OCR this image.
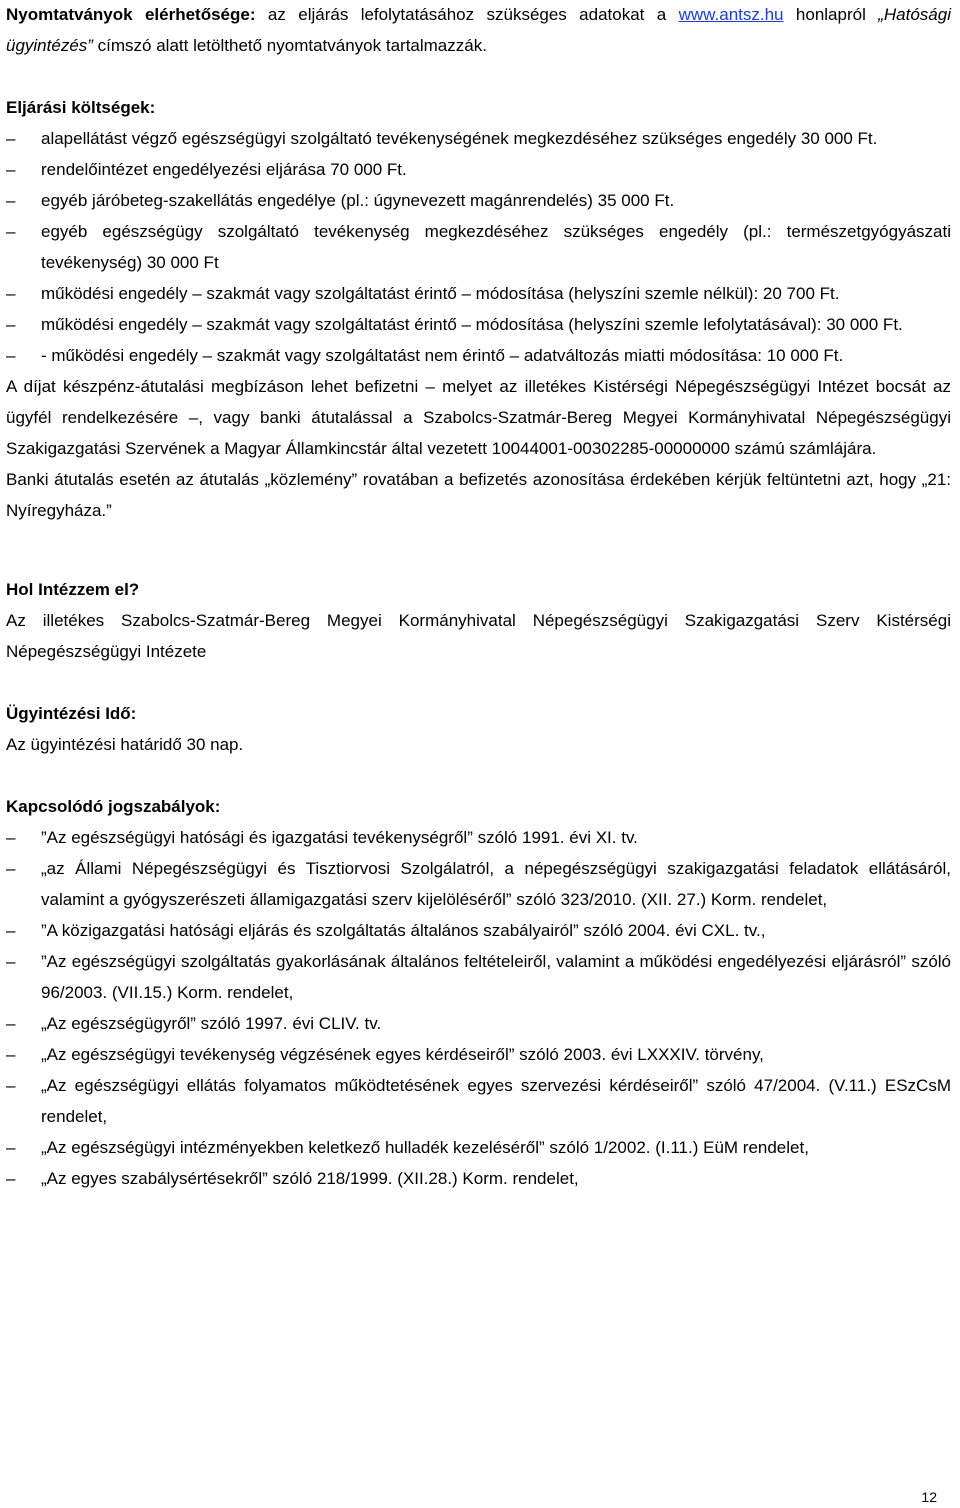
Nyomtatványok elérhetősége: az eljárás lefolytatásához szükséges adatokat a www.antsz.hu honlapról „Hatósági ügyintézés” címszó alatt letölthető nyomtatványok tartalmazzák.

Eljárási költségek:

–
alapellátást végző egészségügyi szolgáltató tevékenységének megkezdéséhez szükséges engedély 30 000 Ft.
–
rendelőintézet engedélyezési eljárása 70 000 Ft.
–
egyéb járóbeteg-szakellátás engedélye (pl.: úgynevezett magánrendelés) 35 000 Ft.
–
egyéb egészségügy szolgáltató tevékenység megkezdéséhez szükséges engedély (pl.: természetgyógyászati tevékenység) 30 000 Ft
–
működési engedély – szakmát vagy szolgáltatást érintő – módosítása (helyszíni szemle nélkül): 20 700 Ft.
–
működési engedély – szakmát vagy szolgáltatást érintő – módosítása (helyszíni szemle lefolytatásával): 30 000 Ft.
–
- működési engedély – szakmát vagy szolgáltatást nem érintő – adatváltozás miatti módosítása: 10 000 Ft.

A díjat készpénz-átutalási megbízáson lehet befizetni – melyet az illetékes Kistérségi Népegészségügyi Intézet bocsát az ügyfél rendelkezésére –, vagy banki átutalással a Szabolcs-Szatmár-Bereg Megyei Kormányhivatal Népegészségügyi Szakigazgatási Szervének a Magyar Államkincstár által vezetett 10044001-00302285-00000000 számú számlájára.

Banki átutalás esetén az átutalás „közlemény” rovatában a befizetés azonosítása érdekében kérjük feltüntetni azt, hogy „21: Nyíregyháza.”

Hol Intézzem el?

Az illetékes Szabolcs-Szatmár-Bereg Megyei Kormányhivatal Népegészségügyi Szakigazgatási Szerv Kistérségi Népegészségügyi Intézete

Ügyintézési Idő:

Az ügyintézési határidő 30 nap.

Kapcsolódó jogszabályok:

–
”Az egészségügyi hatósági és igazgatási tevékenységről” szóló 1991. évi XI. tv.
–
„az Állami Népegészségügyi és Tisztiorvosi Szolgálatról, a népegészségügyi szakigazgatási feladatok ellátásáról, valamint a gyógyszerészeti államigazgatási szerv kijelöléséről” szóló 323/2010. (XII. 27.) Korm. rendelet,
–
”A közigazgatási hatósági eljárás és szolgáltatás általános szabályairól” szóló 2004. évi CXL. tv.,
–
”Az egészségügyi szolgáltatás gyakorlásának általános feltételeiről, valamint a működési engedélyezési eljárásról” szóló 96/2003. (VII.15.) Korm. rendelet,
–
„Az egészségügyről” szóló 1997. évi CLIV. tv.
–
„Az egészségügyi tevékenység végzésének egyes kérdéseiről” szóló 2003. évi LXXXIV. törvény,
–
„Az egészségügyi ellátás folyamatos működtetésének egyes szervezési kérdéseiről” szóló 47/2004. (V.11.) ESzCsM rendelet,
–
„Az egészségügyi intézményekben keletkező hulladék kezeléséről” szóló 1/2002. (I.11.) EüM rendelet,
–
„Az egyes szabálysértésekről” szóló 218/1999. (XII.28.) Korm. rendelet,
12
